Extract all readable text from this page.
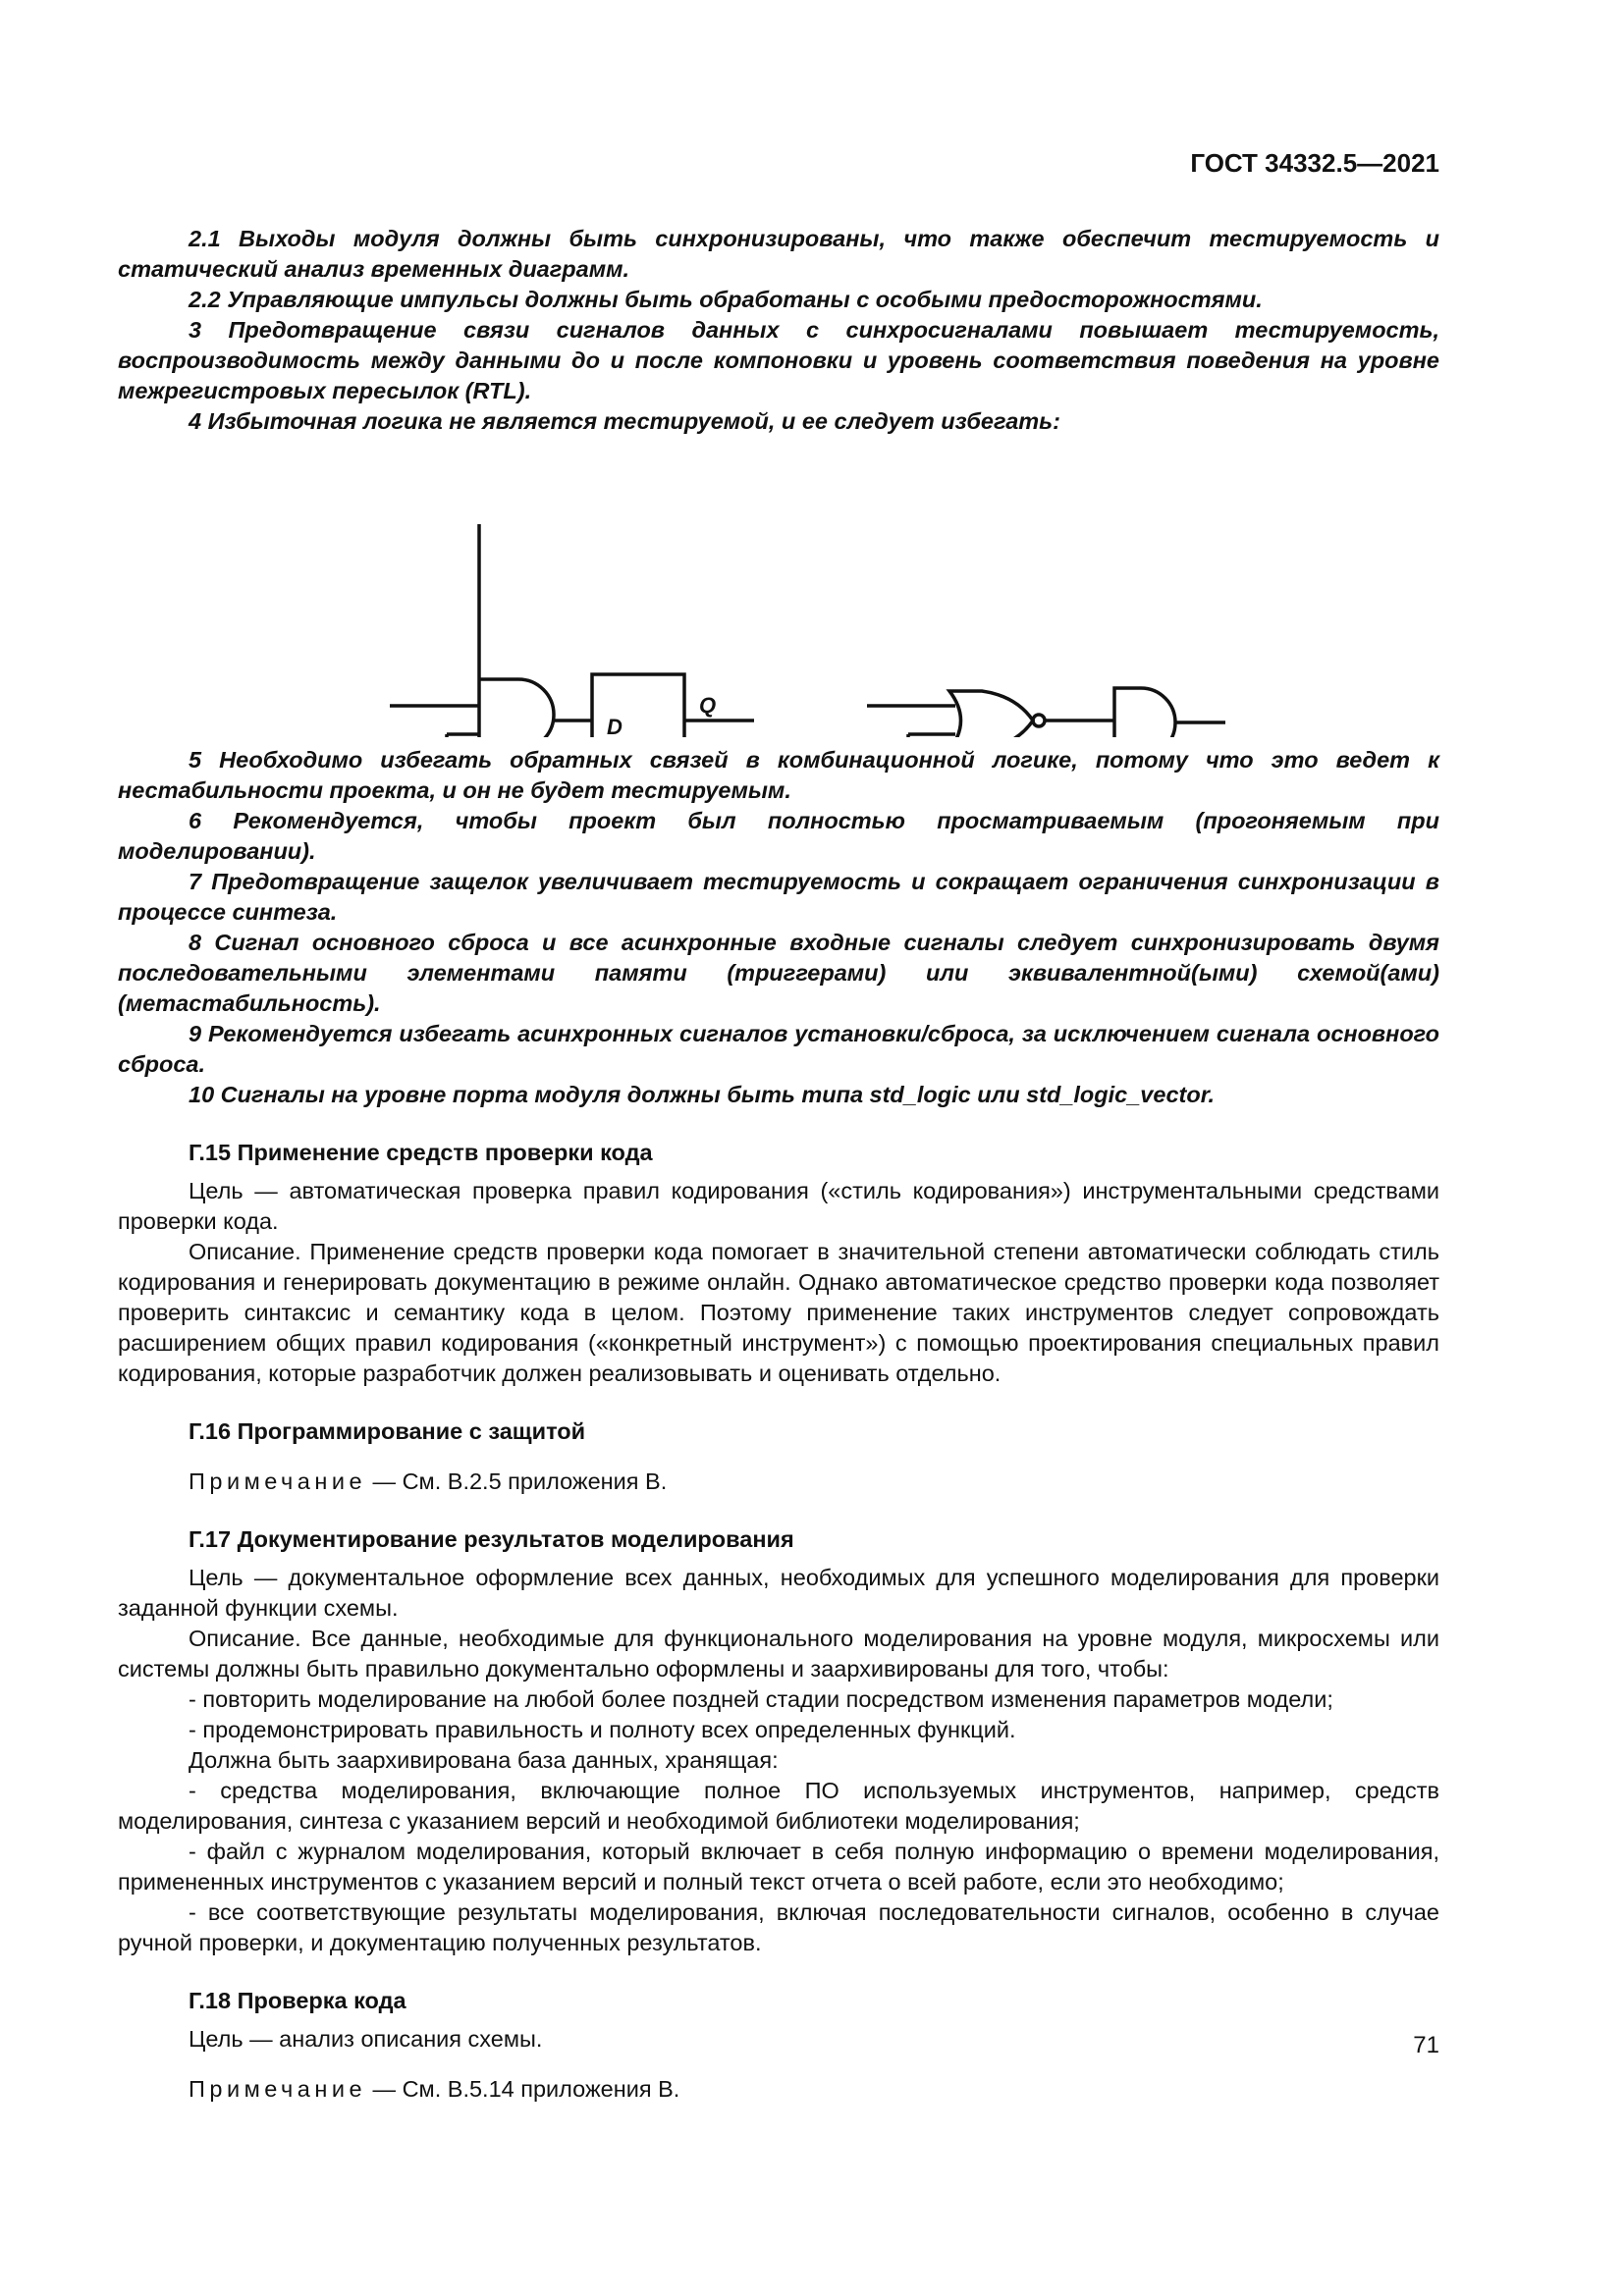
ГОСТ 34332.5—2021

2.1 Выходы модуля должны быть синхронизированы, что также обеспечит тестируемость и статический анализ временных диаграмм.

2.2 Управляющие импульсы должны быть обработаны с особыми предосторожностями.

3 Предотвращение связи сигналов данных с синхросигналами повышает тестируемость, воспроизводимость между данными до и после компоновки и уровень соответствия поведения на уровне межрегистровых пересылок (RTL).

4 Избыточная логика не является тестируемой, и ее следует избегать:

D
Q

5 Необходимо избегать обратных связей в комбинационной логике, потому что это ведет к нестабильности проекта, и он не будет тестируемым.

6 Рекомендуется, чтобы проект был полностью просматриваемым (прогоняемым при моделировании).

7 Предотвращение защелок увеличивает тестируемость и сокращает ограничения синхронизации в процессе синтеза.

8 Сигнал основного сброса и все асинхронные входные сигналы следует синхронизировать двумя последовательными элементами памяти (триггерами) или эквивалентной(ыми) схемой(ами) (метастабильность).

9 Рекомендуется избегать асинхронных сигналов установки/сброса, за исключением сигнала основного сброса.

10 Сигналы на уровне порта модуля должны быть типа std_logic или std_logic_vector.

Г.15 Применение средств проверки кода

Цель — автоматическая проверка правил кодирования («стиль кодирования») инструментальными средствами проверки кода.

Описание. Применение средств проверки кода помогает в значительной степени автоматически соблюдать стиль кодирования и генерировать документацию в режиме онлайн. Однако автоматическое средство проверки кода позволяет проверить синтаксис и семантику кода в целом. Поэтому применение таких инструментов следует сопровождать расширением общих правил кодирования («конкретный инструмент») с помощью проектирования специальных правил кодирования, которые разработчик должен реализовывать и оценивать отдельно.

Г.16 Программирование с защитой

Примечание — См. В.2.5 приложения В.

Г.17 Документирование результатов моделирования

Цель — документальное оформление всех данных, необходимых для успешного моделирования для проверки заданной функции схемы.

Описание. Все данные, необходимые для функционального моделирования на уровне модуля, микросхемы или системы должны быть правильно документально оформлены и заархивированы для того, чтобы:

- повторить моделирование на любой более поздней стадии посредством изменения параметров модели;

- продемонстрировать правильность и полноту всех определенных функций.

Должна быть заархивирована база данных, хранящая:

- средства моделирования, включающие полное ПО используемых инструментов, например, средств моделирования, синтеза с указанием версий и необходимой библиотеки моделирования;

- файл с журналом моделирования, который включает в себя полную информацию о времени моделирования, примененных инструментов с указанием версий и полный текст отчета о всей работе, если это необходимо;

- все соответствующие результаты моделирования, включая последовательности сигналов, особенно в случае ручной проверки, и документацию полученных результатов.

Г.18 Проверка кода

Цель — анализ описания схемы.

Примечание — См. В.5.14 приложения В.

71
